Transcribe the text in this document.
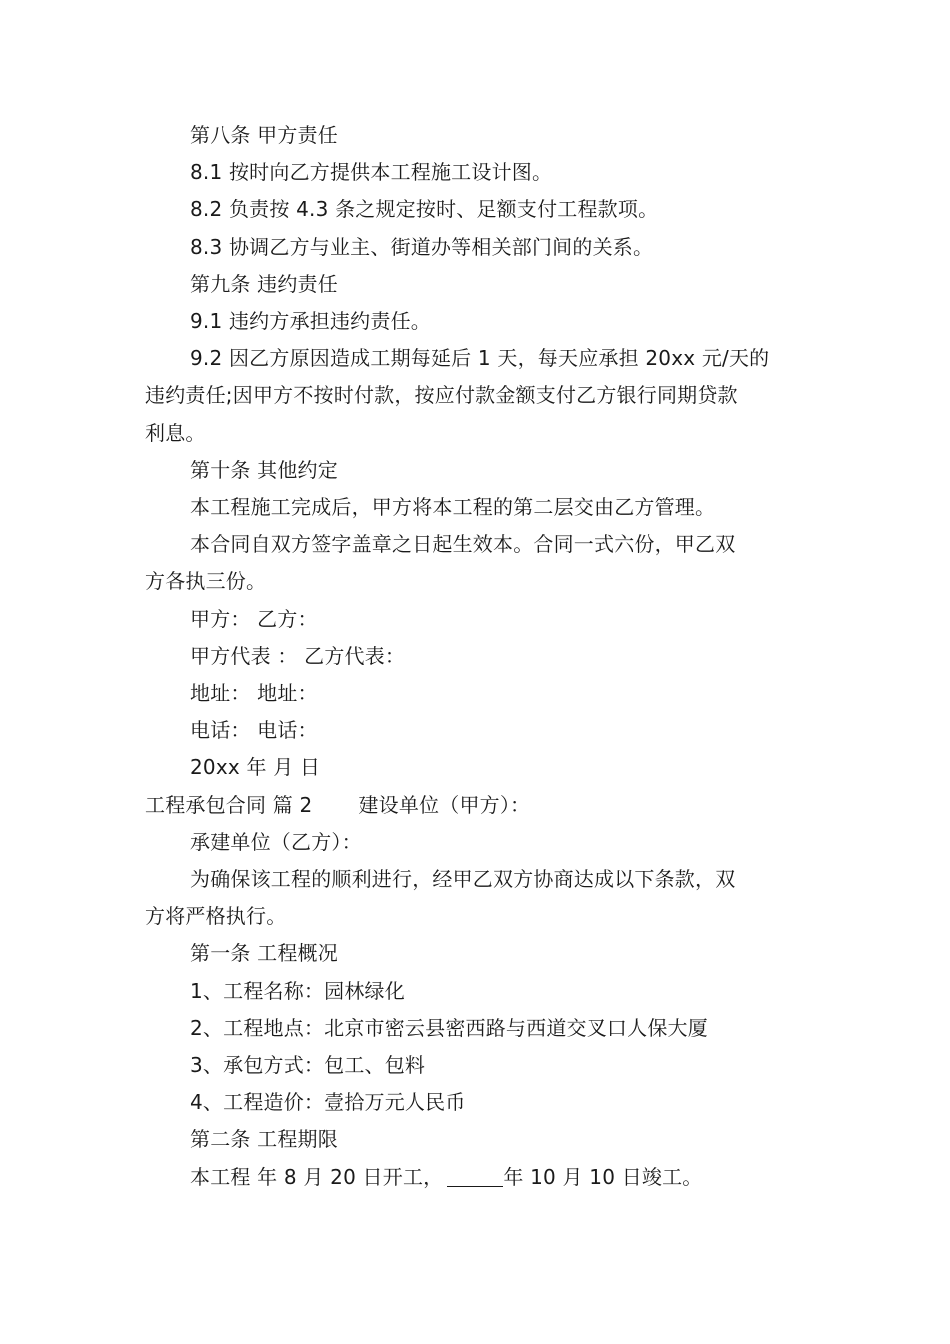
第八条 甲方责任

8.1 按时向乙方提供本工程施工设计图。

8.2 负责按 4.3 条之规定按时、足额支付工程款项。

8.3 协调乙方与业主、街道办等相关部门间的关系。

第九条 违约责任

9.1 违约方承担违约责任。

9.2 因乙方原因造成工期每延后 1 天，每天应承担 20xx 元/天的

违约责任;因甲方不按时付款，按应付款金额支付乙方银行同期贷款

利息。

第十条 其他约定

本工程施工完成后，甲方将本工程的第二层交由乙方管理。

本合同自双方签字盖章之日起生效本。合同一式六份，甲乙双

方各执三份。

甲方： 乙方：

甲方代表 ： 乙方代表：

地址： 地址：

电话： 电话：

20xx 年 月 日

工程承包合同 篇 2 建设单位（甲方）：

承建单位（乙方）：

为确保该工程的顺利进行，经甲乙双方协商达成以下条款，双

方将严格执行。

第一条 工程概况

1、工程名称：园林绿化

2、工程地点：北京市密云县密西路与西道交叉口人保大厦

3、承包方式：包工、包料

4、工程造价：壹拾万元人民币

第二条 工程期限

本工程 年 8 月 20 日开工，	年 10 月 10 日竣工。
